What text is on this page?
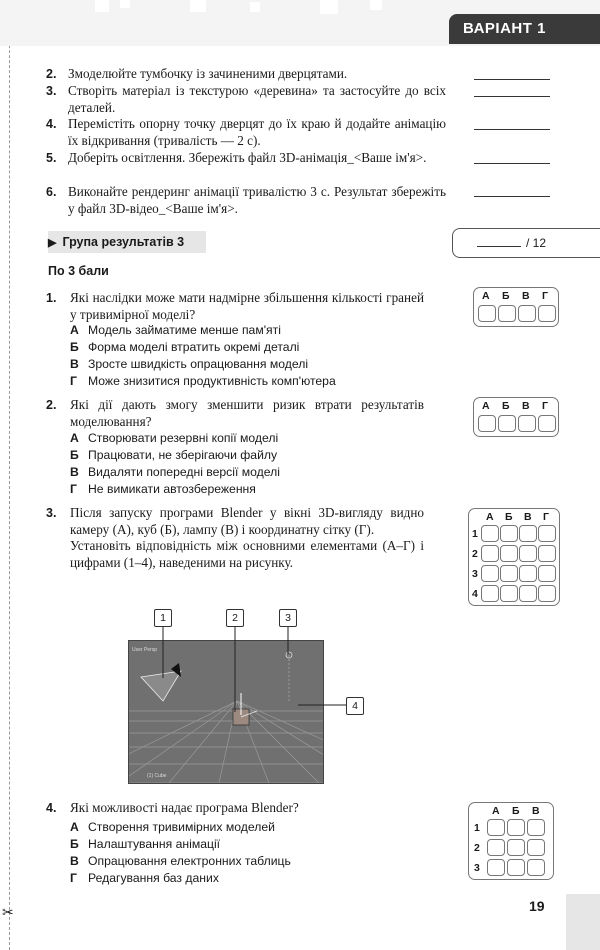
✂
ВАРІАНТ 1
2. Змоделюйте тумбочку із зачиненими дверцятами.
3. Створіть матеріал із текстурою «деревина» та застосуйте до всіх деталей.
4. Перемістіть опорну точку дверцят до їх краю й додайте анімацію їх відкривання (тривалість — 2 с).
5. Доберіть освітлення. Збережіть файл 3D-анімація_<Ваше ім'я>.
6. Виконайте рендеринг анімації тривалістю 3 с. Результат збережіть у файл 3D-відео_<Ваше ім'я>.
▶ Група результатів 3	/ 12
По 3 бали
1. Які наслідки може мати надмірне збільшення кількості граней у тривимірної моделі?
А Модель займатиме менше пам'яті
Б Форма моделі втратить окремі деталі
В Зросте швидкість опрацювання моделі
Г Може знизитися продуктивність комп'ютера
А Б В Г
2. Які дії дають змогу зменшити ризик втрати результатів моделювання?
А Створювати резервні копії моделі
Б Працювати, не зберігаючи файлу
В Видаляти попередні версії моделі
Г Не вимикати автозбереження
А Б В Г
3. Після запуску програми Blender у вікні 3D-вигляду видно камеру (А), куб (Б), лампу (В) і координатну сітку (Г).
Установіть відповідність між основними елементами (А–Г) і цифрами (1–4), наведеними на рисунку.
А Б В Г
1
2
3
4
User Persp
(1) Cube
1	2	3
4
4. Які можливості надає програма Blender?
А Створення тривимірних моделей
Б Налаштування анімації
В Опрацювання електронних таблиць
Г Редагування баз даних
А Б В
1
2
3
19
